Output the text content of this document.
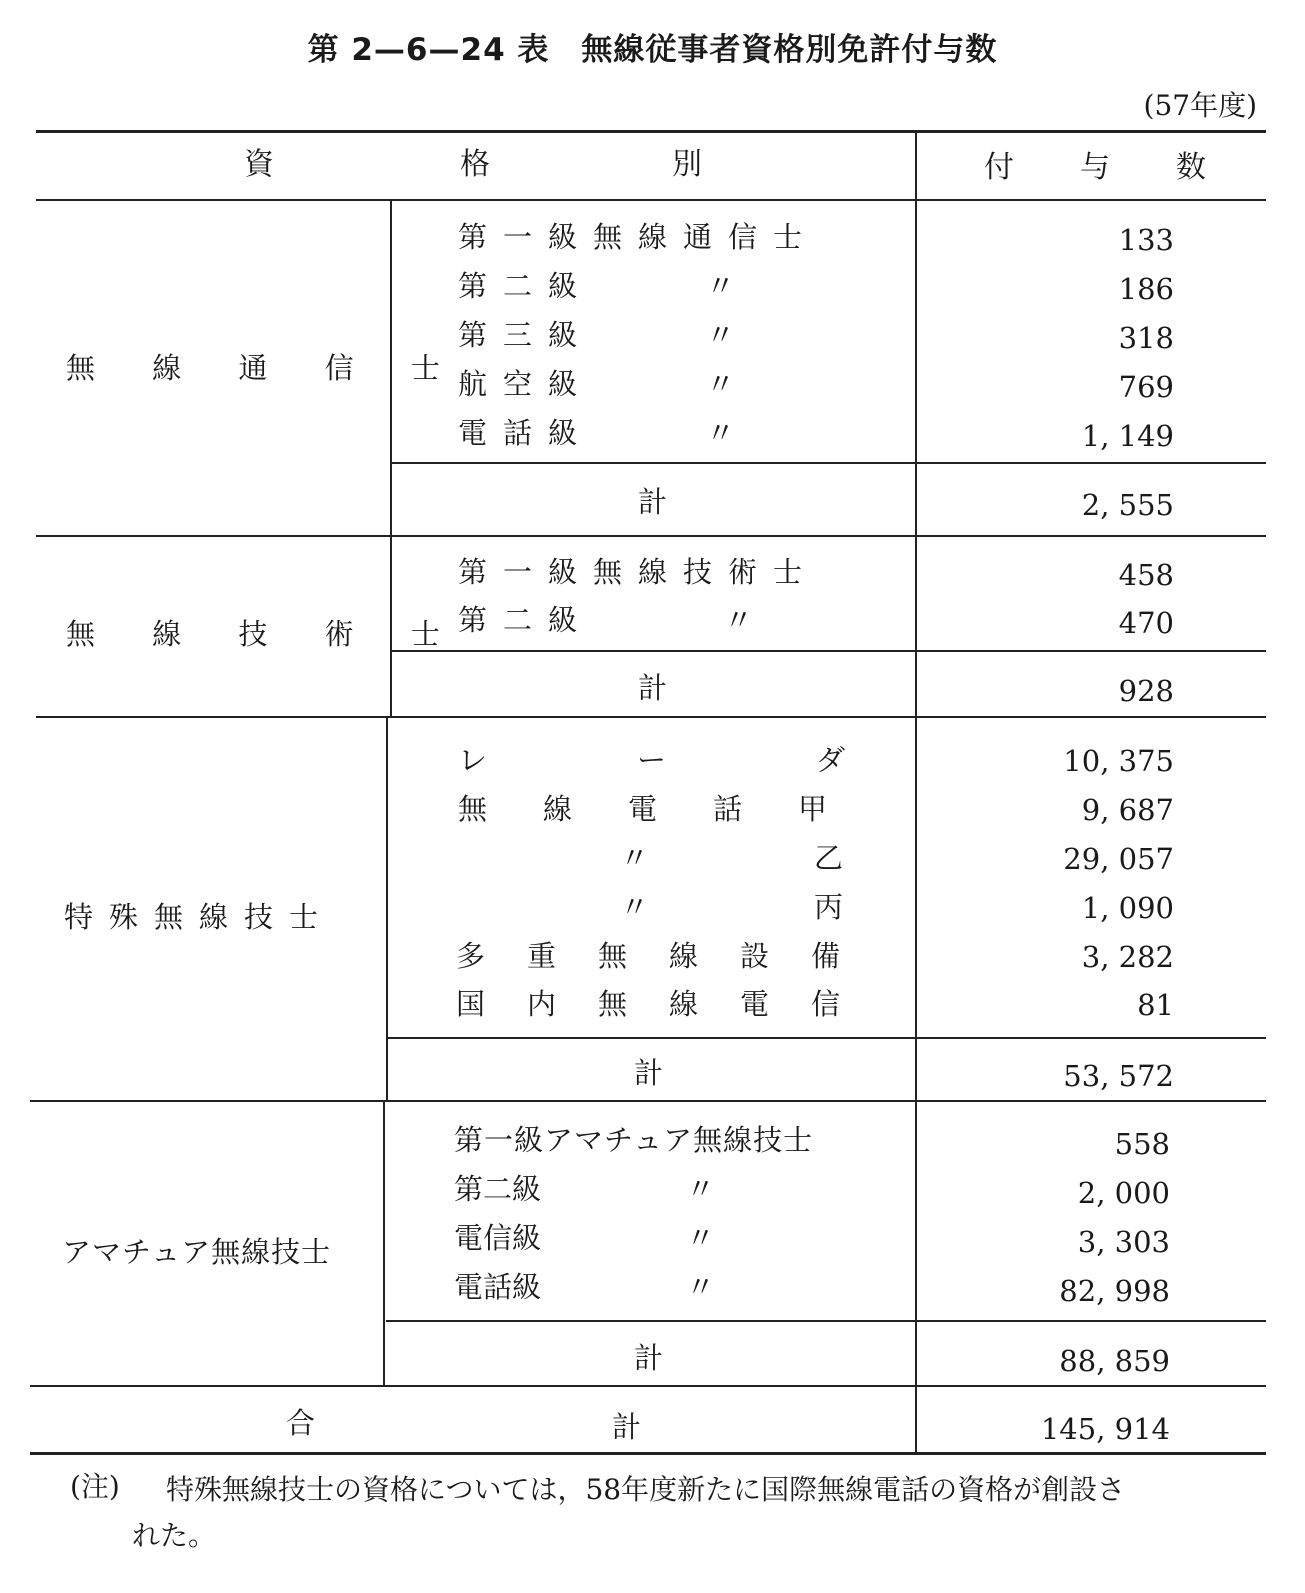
第 2—6—24 表　無線従事者資格別免許付与数
(57年度)
資	格	別	付 与 数
無 線 通 信 士
第一級無線通信士	133
第二級	〃	186
第三級	〃	318
航空級	〃	769
電話級	〃	1, 149
計	2, 555
無 線 技 術 士
第一級無線技術士	458
第二級	〃	470
計	928
特殊無線技士
レーダ	10, 375
無線電話甲	9, 687
〃	乙	29, 057
〃	丙	1, 090
多重無線設備	3, 282
国内無線電信	81
計	53, 572
アマチュア無線技士
第一級アマチュア無線技士	558
第二級	〃	2, 000
電信級	〃	3, 303
電話級	〃	82, 998
計	88, 859
合	計	145, 914
(注) 特殊無線技士の資格については，58年度新たに国際無線電話の資格が創設さ
れた。
